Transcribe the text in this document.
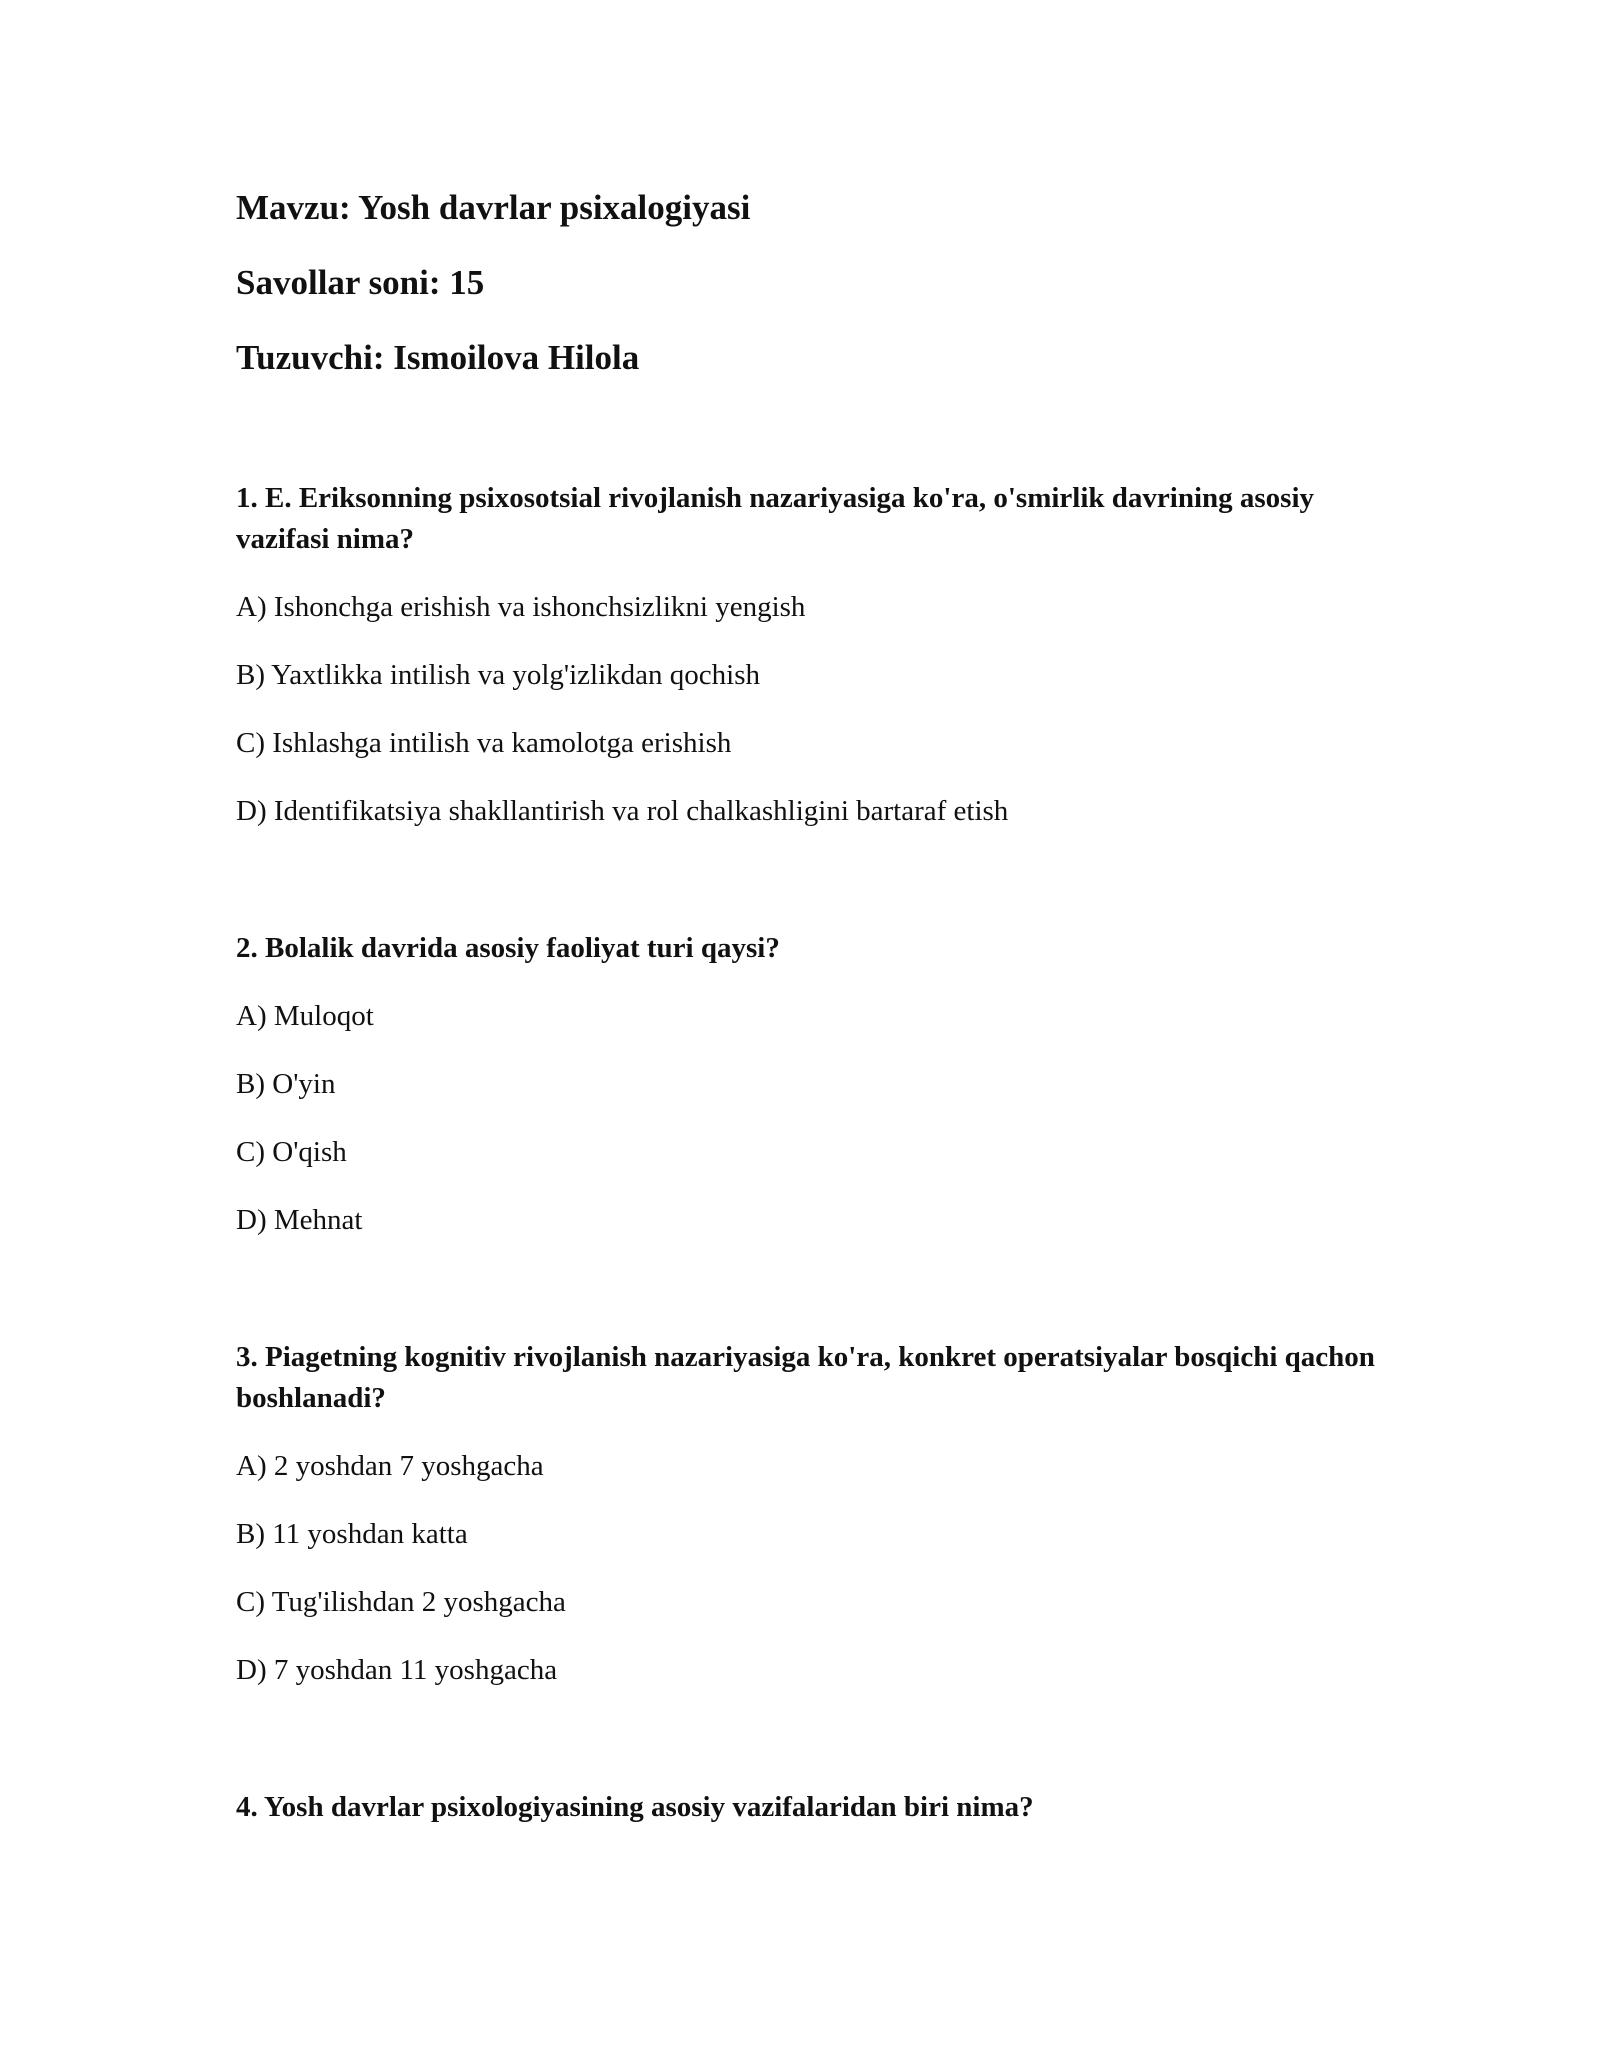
Mavzu: Yosh davrlar psixalogiyasi
Savollar soni: 15
Tuzuvchi: Ismoilova Hilola
1. E. Eriksonning psixosotsial rivojlanish nazariyasiga ko'ra, o'smirlik davrining asosiy vazifasi nima?
A) Ishonchga erishish va ishonchsizlikni yengish
B) Yaxtlikka intilish va yolg'izlikdan qochish
C) Ishlashga intilish va kamolotga erishish
D) Identifikatsiya shakllantirish va rol chalkashligini bartaraf etish
2. Bolalik davrida asosiy faoliyat turi qaysi?
A) Muloqot
B) O'yin
C) O'qish
D) Mehnat
3. Piagetning kognitiv rivojlanish nazariyasiga ko'ra, konkret operatsiyalar bosqichi qachon boshlanadi?
A) 2 yoshdan 7 yoshgacha
B) 11 yoshdan katta
C) Tug'ilishdan 2 yoshgacha
D) 7 yoshdan 11 yoshgacha
4. Yosh davrlar psixologiyasining asosiy vazifalaridan biri nima?
